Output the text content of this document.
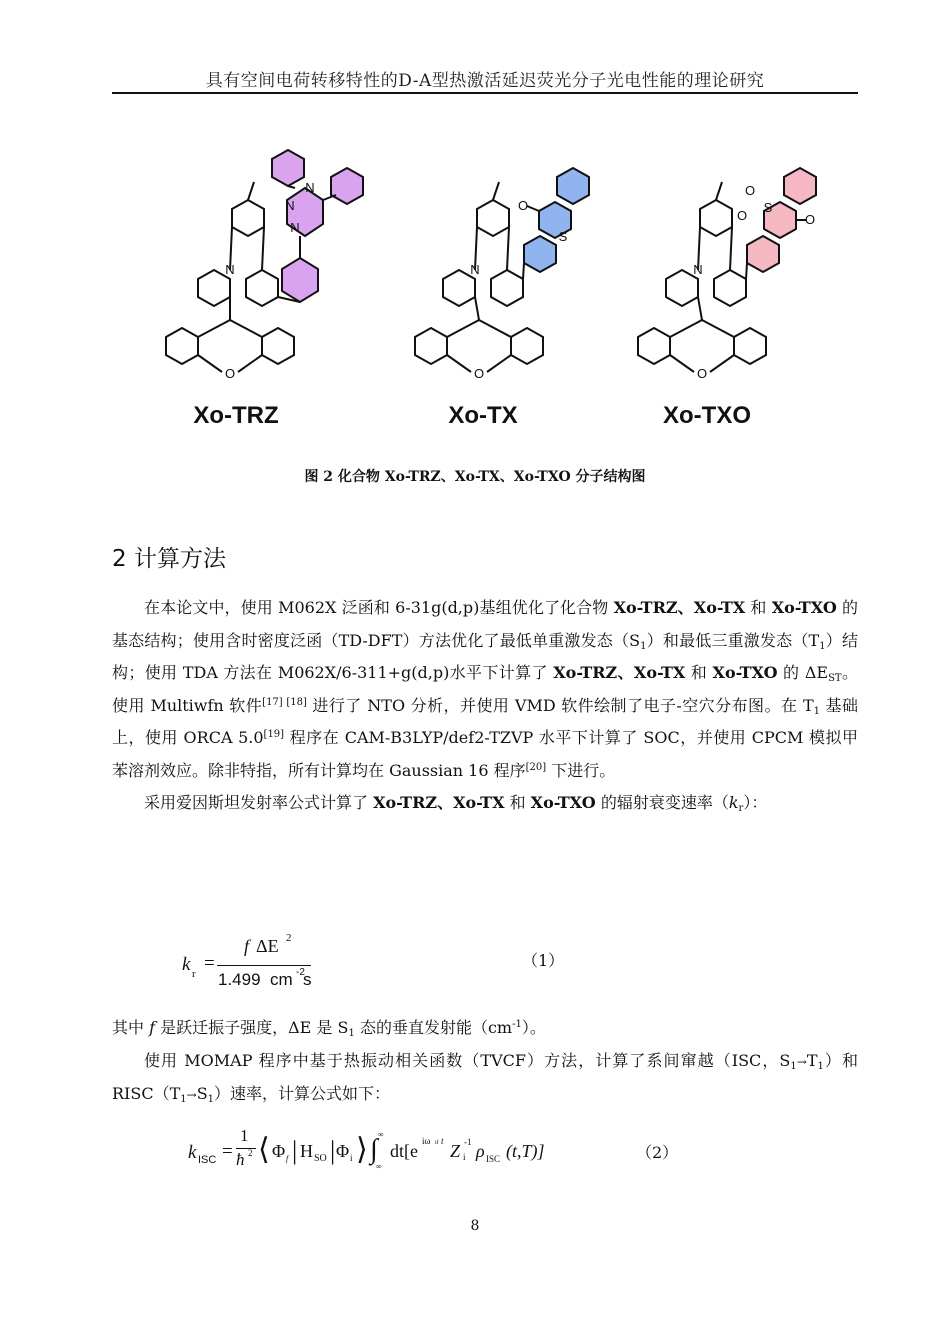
具有空间电荷转移特性的D-A型热激活延迟荧光分子光电性能的理论研究
N
N
N
N
O
Xo-TRZ
O
S
N
O
Xo-TX
O
S
O	O
N
O
Xo-TXO
图 2 化合物 Xo-TRZ、Xo-TX、Xo-TXO 分子结构图
2 计算方法

在本论文中，使用 M062X 泛函和 6-31g(d,p)基组优化了化合物 Xo-TRZ、Xo-TX 和 Xo-TXO 的基态结构；使用含时密度泛函（TD-DFT）方法优化了最低单重激发态$(S_1)$和最低三重激发态$(T_1)$结构；使用 TDA 方法在 M062X/6-311+g(d,p)水平下计算了 Xo-TRZ、Xo-TX 和 Xo-TXO 的 $\Delta E_{ST}$。使用 Multiwfn 软件[17] [18] 进行了 NTO 分析，并使用 VMD 软件绘制了电子-空穴分布图。在 $T_1$ 基础上，使用 ORCA 5.0[19] 程序在 CAM-B3LYP/def2-TZVP 水平下计算了 SOC，并使用 CPCM 模拟甲苯溶剂效应。除非特指，所有计算均在 Gaussian 16 程序[20] 下进行。

采用爱因斯坦发射率公式计算了 Xo-TRZ、Xo-TX 和 Xo-TXO 的辐射衰变速率$(k_r)$：

k r =
f ΔE 2
1.499  cm -2
s
（1）

其中 f 是跃迁振子强度，ΔE 是 $S_1$ 态的垂直发射能$(cm^{-1})$。

使用 MOMAP 程序中基于热振动相关函数（TVCF）方法，计算了系间窜越（ISC，$S_1\to T_1$）和 $RISC(T_1\to S_1)$速率，计算公式如下：

k ISC =
1
ħ 2 ⟨ Φ f | H SO | Φ i ⟩ ∫ ∞
∞
dt[e iω if t Z i
-1 ρ ISC (t,T)]	（2）
8
